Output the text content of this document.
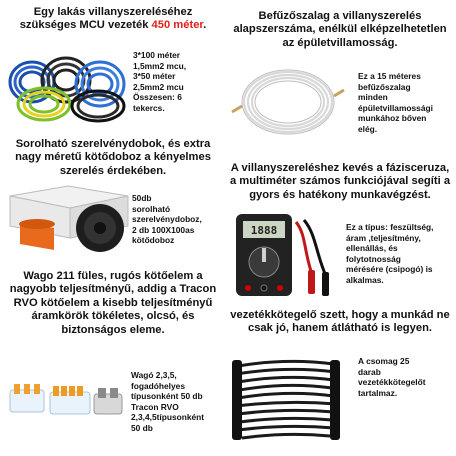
Egy lakás villanyszereléséhez szükséges MCU vezeték 450 méter.
3*100 méter
1,5mm2 mcu,
3*50 méter
2,5mm2 mcu
Összesen: 6
tekercs.
Befűzőszalag a villanyszerelés alapszerszáma, enélkül elképzelhetetlen az épületvillamosság.
Ez a 15 méteres
befűzőszalag
minden
épületvillamossági
munkához bőven
elég.
Sorolható szerelvénydobok, és extra nagy méretű kötődoboz a kényelmes szerelés érdekében.
50db
sorolható
szerelvénydoboz,
2 db 100X100as
kötődoboz
A villanyszereléshez kevés a fázisceruza, a multiméter számos funkciójával segíti a gyors és hatékony munkavégzést.
1888	Ez a típus: feszültség,
áram ,teljesítmény,
ellenállás, és
folytotnosság
mérésére (csipogó) is
alkalmas.
Wago 211 füles, rugós kötőelem a nagyobb teljesítményű, addig a Tracon RVO kötőelem a kisebb teljesítményű áramkörök tökéletes, olcsó, és biztonságos eleme.
Wagó 2,3,5,
fogadóhelyes
típusonként 50 db
Tracon RVO
2,3,4,5típusonként
50 db
vezetékkötegelő szett, hogy a munkád ne csak jó, hanem átlátható is legyen.
A csomag 25
darab
vezetékkötegelőt
tartalmaz.
